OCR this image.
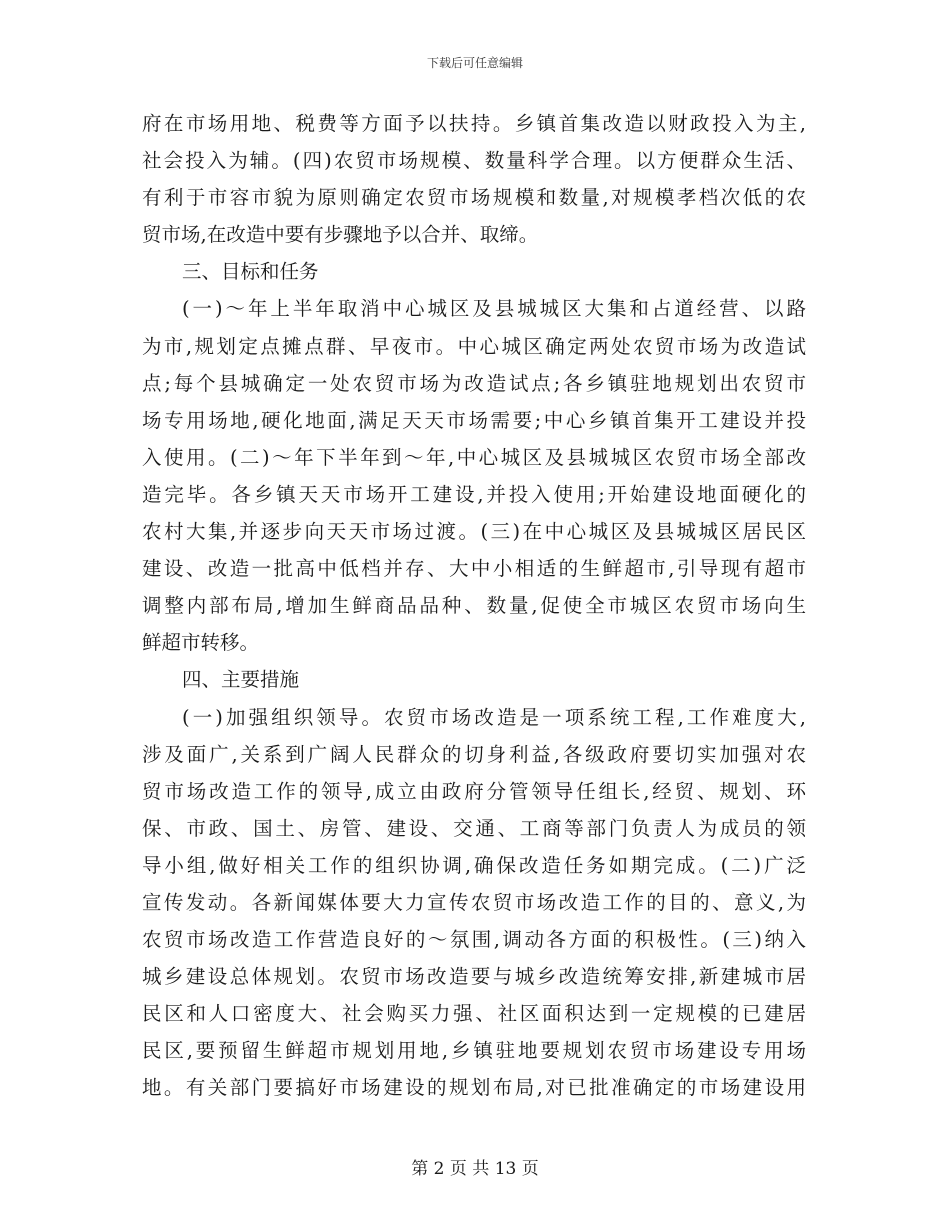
下载后可任意编辑
府在市场用地、税费等方面予以扶持。乡镇首集改造以财政投入为主,
社会投入为辅。(四)农贸市场规模、数量科学合理。以方便群众生活、
有利于市容市貌为原则确定农贸市场规模和数量,对规模孝档次低的农
贸市场,在改造中要有步骤地予以合并、取缔。
三、目标和任务
(一)～年上半年取消中心城区及县城城区大集和占道经营、以路
为市,规划定点摊点群、早夜市。中心城区确定两处农贸市场为改造试
点;每个县城确定一处农贸市场为改造试点;各乡镇驻地规划出农贸市
场专用场地,硬化地面,满足天天市场需要;中心乡镇首集开工建设并投
入使用。(二)～年下半年到～年,中心城区及县城城区农贸市场全部改
造完毕。各乡镇天天市场开工建设,并投入使用;开始建设地面硬化的
农村大集,并逐步向天天市场过渡。(三)在中心城区及县城城区居民区
建设、改造一批高中低档并存、大中小相适的生鲜超市,引导现有超市
调整内部布局,增加生鲜商品品种、数量,促使全市城区农贸市场向生
鲜超市转移。
四、主要措施
(一)加强组织领导。农贸市场改造是一项系统工程,工作难度大,
涉及面广,关系到广阔人民群众的切身利益,各级政府要切实加强对农
贸市场改造工作的领导,成立由政府分管领导任组长,经贸、规划、环
保、市政、国土、房管、建设、交通、工商等部门负责人为成员的领
导小组,做好相关工作的组织协调,确保改造任务如期完成。(二)广泛
宣传发动。各新闻媒体要大力宣传农贸市场改造工作的目的、意义,为
农贸市场改造工作营造良好的～氛围,调动各方面的积极性。(三)纳入
城乡建设总体规划。农贸市场改造要与城乡改造统筹安排,新建城市居
民区和人口密度大、社会购买力强、社区面积达到一定规模的已建居
民区,要预留生鲜超市规划用地,乡镇驻地要规划农贸市场建设专用场
地。有关部门要搞好市场建设的规划布局,对已批准确定的市场建设用
第 2 页 共 13 页
